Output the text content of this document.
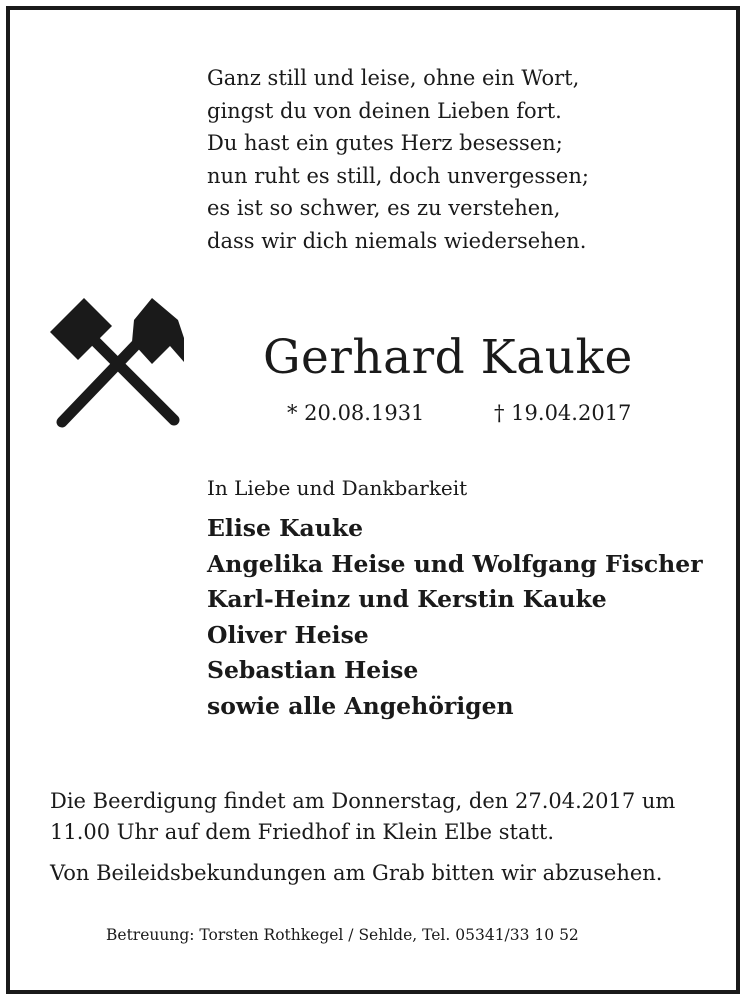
Ganz still und leise, ohne ein Wort,
gingst du von deinen Lieben fort.
Du hast ein gutes Herz besessen;
nun ruht es still, doch unvergessen;
es ist so schwer, es zu verstehen,
dass wir dich niemals wiedersehen.
Gerhard Kauke
* 20.08.1931	† 19.04.2017
In Liebe und Dankbarkeit
Elise Kauke
Angelika Heise und Wolfgang Fischer
Karl-Heinz und Kerstin Kauke
Oliver Heise
Sebastian Heise
sowie alle Angehörigen
Die Beerdigung findet am Donnerstag, den 27.04.2017 um
11.00 Uhr auf dem Friedhof in Klein Elbe statt.
Von Beileidsbekundungen am Grab bitten wir abzusehen.
Betreuung: Torsten Rothkegel / Sehlde, Tel. 05341/33 10 52
